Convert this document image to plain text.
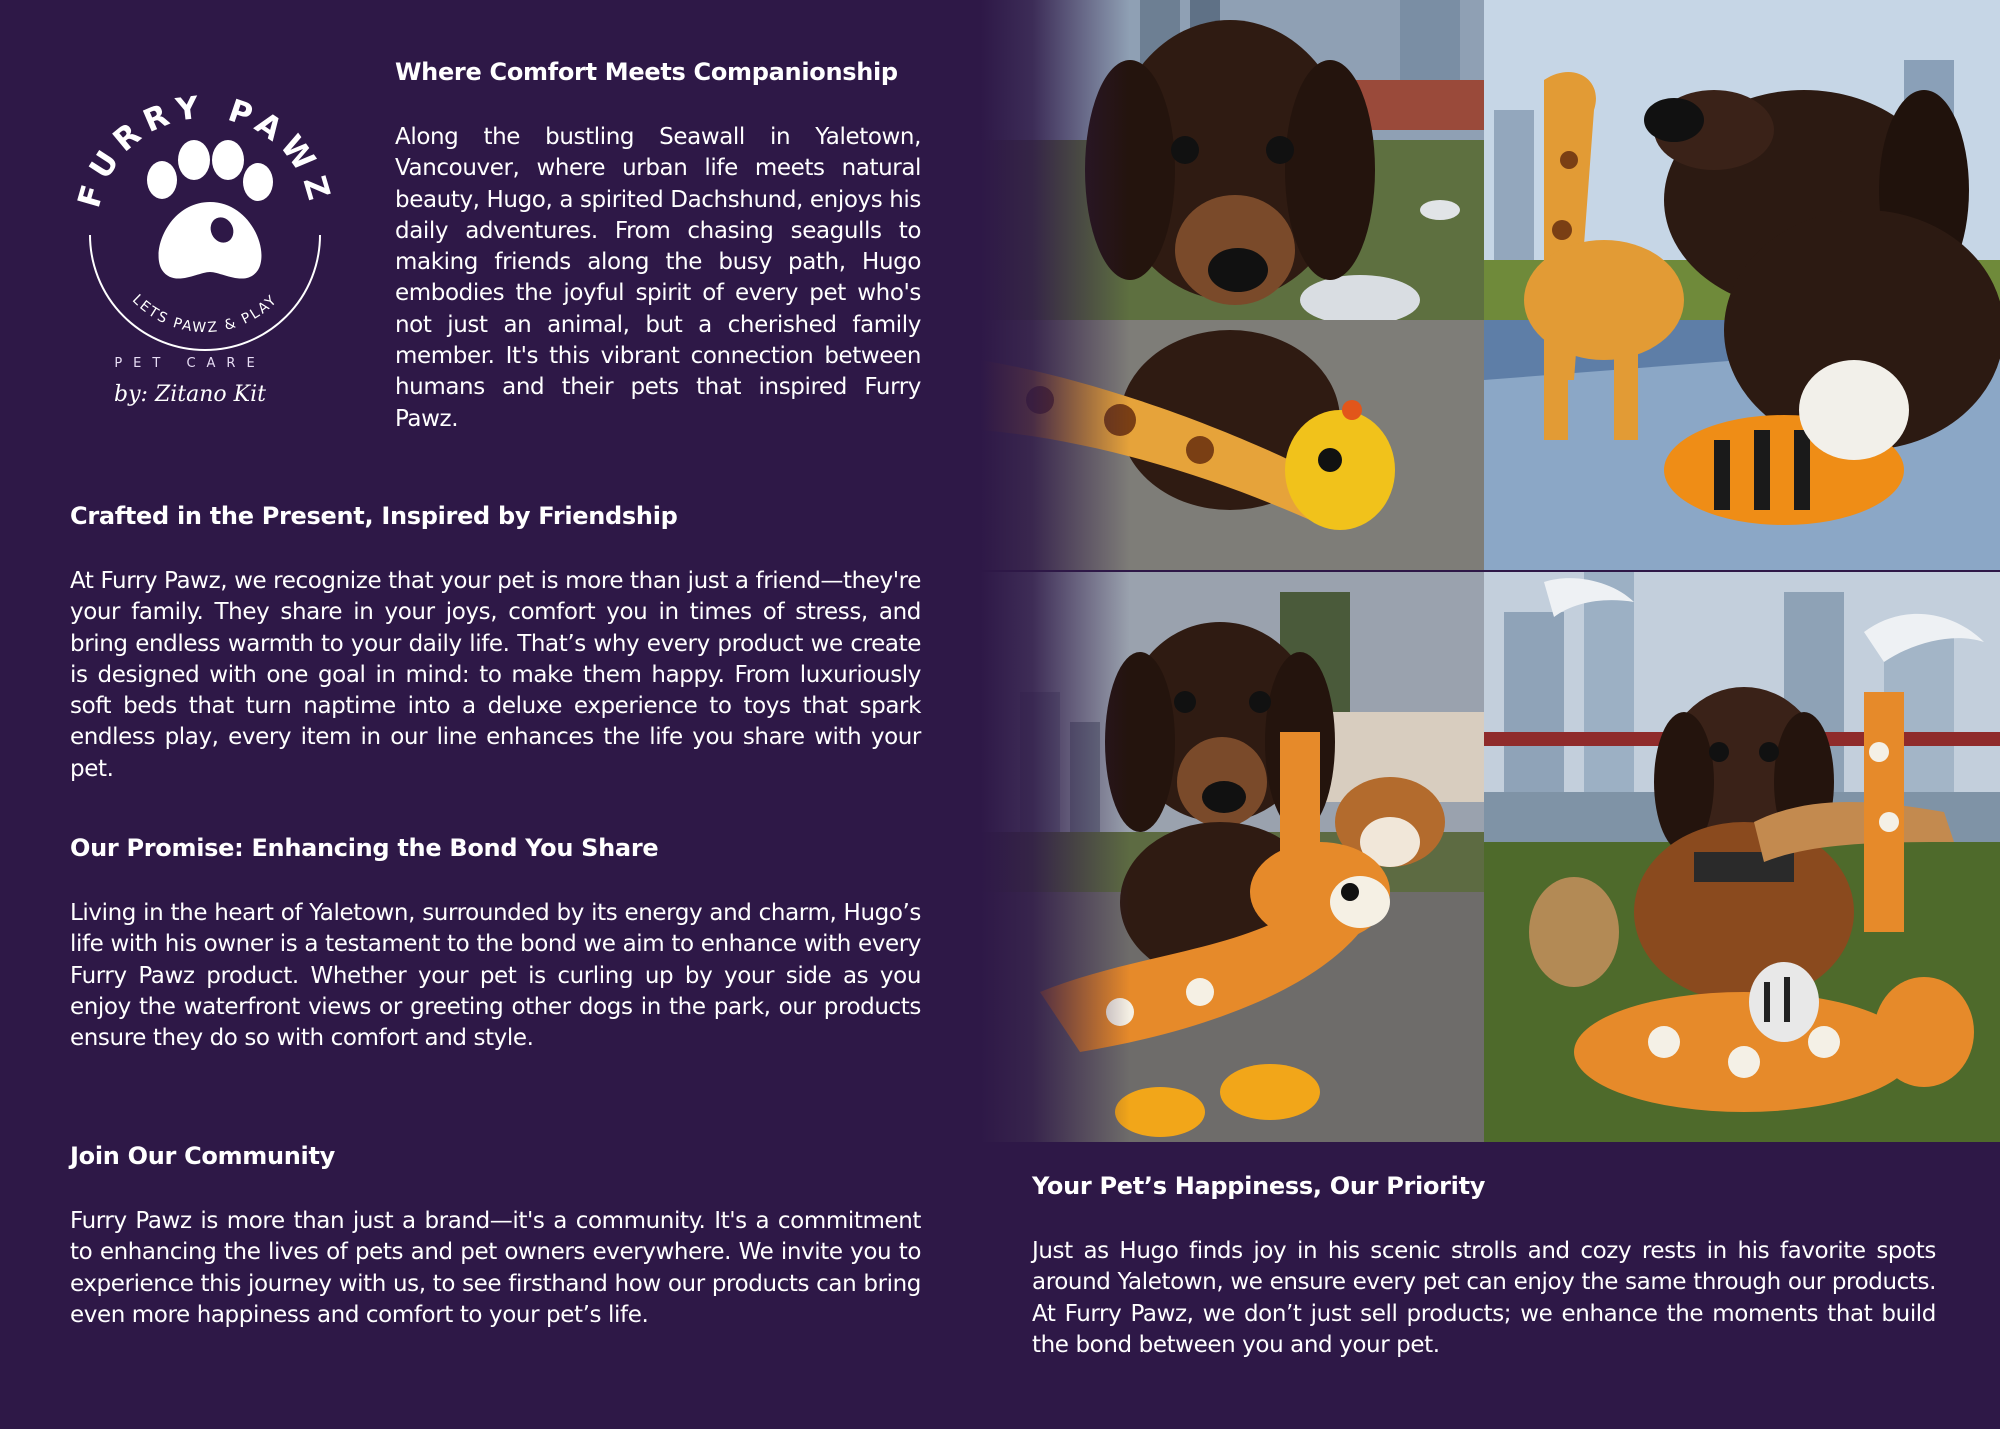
FURRY PAWZ
LETS PAWZ & PLAY
PET CARE
by: Zitano Kit
Where Comfort Meets Companionship

Along the bustling Seawall in Yaletown, Vancouver, where urban life meets natural beauty, Hugo, a spirited Dachshund, enjoys his daily adventures. From chasing seagulls to making friends along the busy path, Hugo embodies the joyful spirit of every pet who's not just an animal, but a cherished family member. It's this vibrant connection between humans and their pets that inspired Furry Pawz.

Crafted in the Present, Inspired by Friendship

At Furry Pawz, we recognize that your pet is more than just a friend—they're your family. They share in your joys, comfort you in times of stress, and bring endless warmth to your daily life. That’s why every product we create is designed with one goal in mind: to make them happy. From luxuriously soft beds that turn naptime into a deluxe experience to toys that spark endless play, every item in our line enhances the life you share with your pet.

Our Promise: Enhancing the Bond You Share

Living in the heart of Yaletown, surrounded by its energy and charm, Hugo’s life with his owner is a testament to the bond we aim to enhance with every Furry Pawz product. Whether your pet is curling up by your side as you enjoy the waterfront views or greeting other dogs in the park, our products ensure they do so with comfort and style.

Join Our Community

Furry Pawz is more than just a brand—it's a community. It's a commitment to enhancing the lives of pets and pet owners everywhere. We invite you to experience this journey with us, to see firsthand how our products can bring even more happiness and comfort to your pet’s life.

Your Pet’s Happiness, Our Priority

Just as Hugo finds joy in his scenic strolls and cozy rests in his favorite spots around Yaletown, we ensure every pet can enjoy the same through our products. At Furry Pawz, we don’t just sell products; we enhance the moments that build the bond between you and your pet.
